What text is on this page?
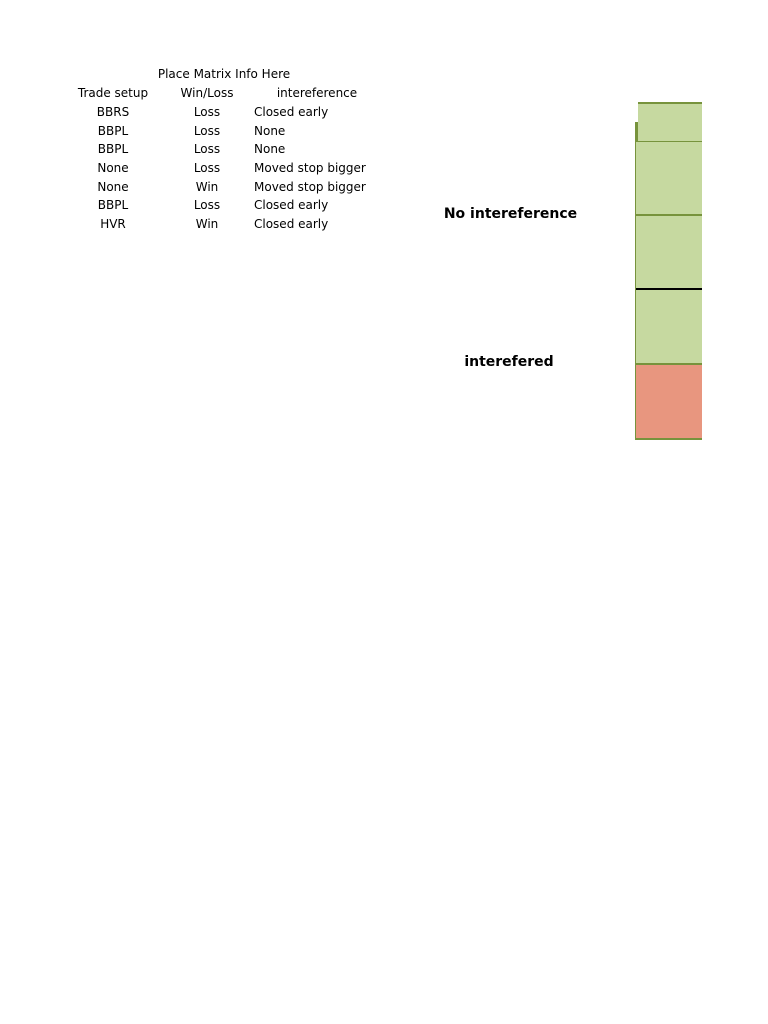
Place Matrix Info Here
Trade setup	Win/Loss	intereference
BBRS	Loss	Closed early
BBPL	Loss	None
BBPL	Loss	None
None	Loss	Moved stop bigger
None	Win	Moved stop bigger
BBPL	Loss	Closed early
HVR	Win	Closed early
No intereference
interefered
